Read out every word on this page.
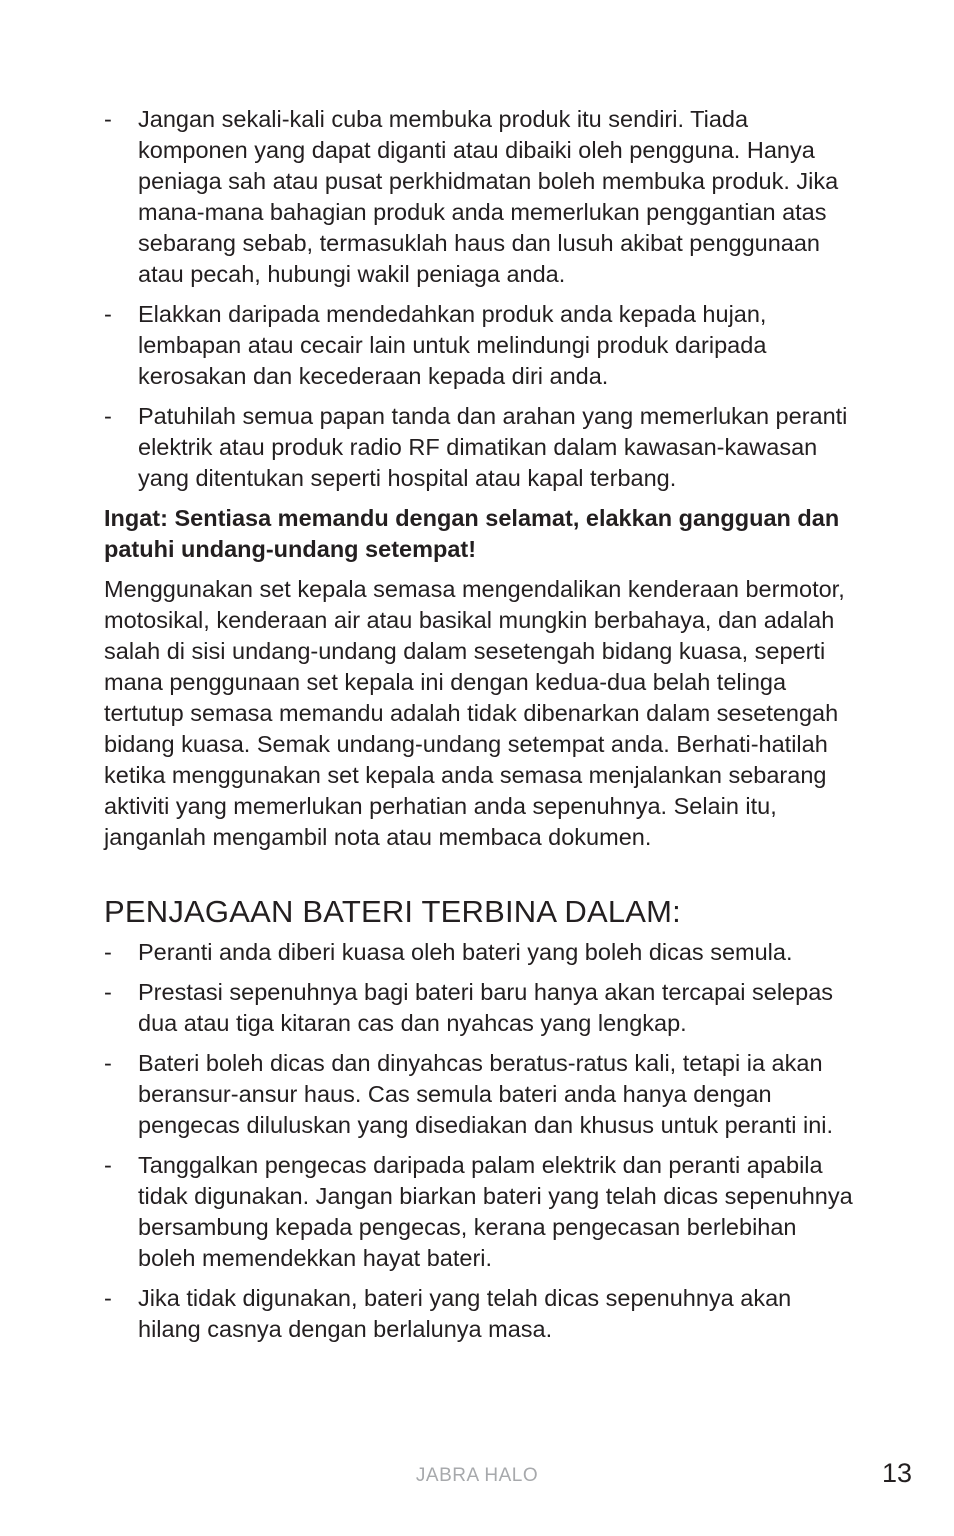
- Jangan sekali-kali cuba membuka produk itu sendiri. Tiada komponen yang dapat diganti atau dibaiki oleh pengguna. Hanya peniaga sah atau pusat perkhidmatan boleh membuka produk. Jika mana-mana bahagian produk anda memerlukan penggantian atas sebarang sebab, termasuklah haus dan lusuh akibat penggunaan atau pecah, hubungi wakil peniaga anda.
- Elakkan daripada mendedahkan produk anda kepada hujan, lembapan atau cecair lain untuk melindungi produk daripada kerosakan dan kecederaan kepada diri anda.
- Patuhilah semua papan tanda dan arahan yang memerlukan peranti elektrik atau produk radio RF dimatikan dalam kawasan-kawasan yang ditentukan seperti hospital atau kapal terbang.

Ingat: Sentiasa memandu dengan selamat, elakkan gangguan dan patuhi undang-undang setempat!

Menggunakan set kepala semasa mengendalikan kenderaan bermotor, motosikal, kenderaan air atau basikal mungkin berbahaya, dan adalah salah di sisi undang-undang dalam sesetengah bidang kuasa, seperti mana penggunaan set kepala ini dengan kedua-dua belah telinga tertutup semasa memandu adalah tidak dibenarkan dalam sesetengah bidang kuasa. Semak undang-undang setempat anda. Berhati-hatilah ketika menggunakan set kepala anda semasa menjalankan sebarang aktiviti yang memerlukan perhatian anda sepenuhnya. Selain itu, janganlah mengambil nota atau membaca dokumen.

PENJAGAAN BATERI TERBINA DALAM:
- Peranti anda diberi kuasa oleh bateri yang boleh dicas semula.
- Prestasi sepenuhnya bagi bateri baru hanya akan tercapai selepas dua atau tiga kitaran cas dan nyahcas yang lengkap.
- Bateri boleh dicas dan dinyahcas beratus-ratus kali, tetapi ia akan beransur-ansur haus. Cas semula bateri anda hanya dengan pengecas diluluskan yang disediakan dan khusus untuk peranti ini.
- Tanggalkan pengecas daripada palam elektrik dan peranti apabila tidak digunakan. Jangan biarkan bateri yang telah dicas sepenuhnya bersambung kepada pengecas, kerana pengecasan berlebihan boleh memendekkan hayat bateri.
- Jika tidak digunakan, bateri yang telah dicas sepenuhnya akan hilang casnya dengan berlalunya masa.
JABRA HALO	13
